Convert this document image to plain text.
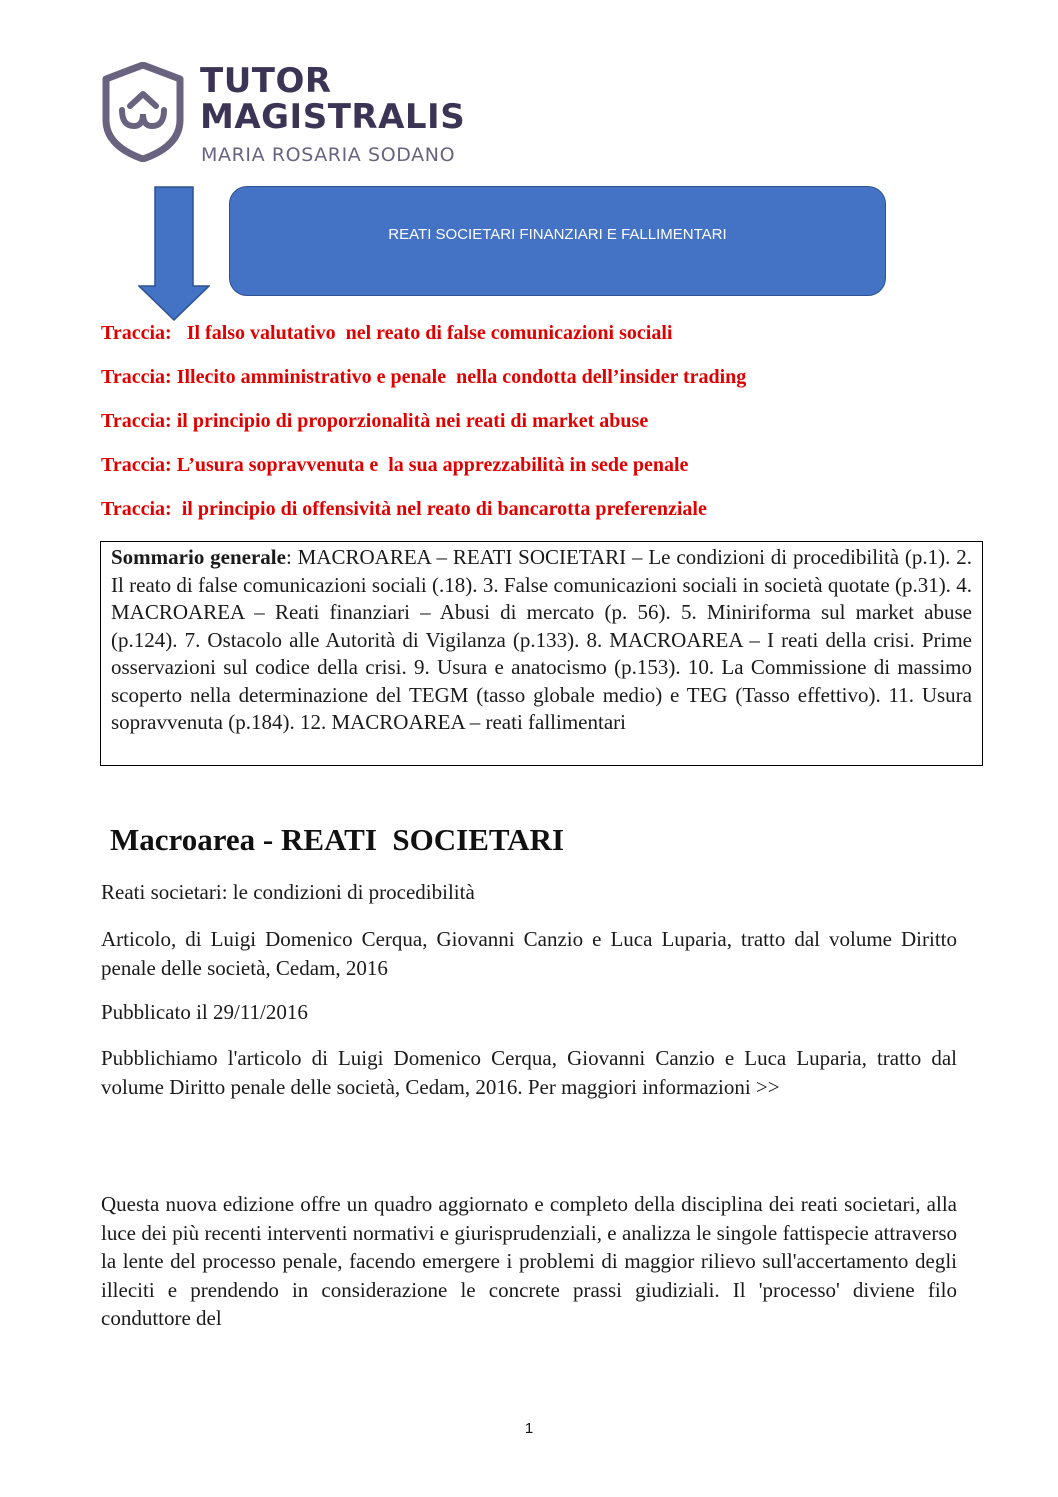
TUTOR
MAGISTRALIS
MARIA ROSARIA SODANO
REATI SOCIETARI FINANZIARI E FALLIMENTARI

Traccia:   Il falso valutativo  nel reato di false comunicazioni sociali

Traccia: Illecito amministrativo e penale  nella condotta dell’insider trading

Traccia: il principio di proporzionalità nei reati di market abuse

Traccia: L’usura sopravvenuta e  la sua apprezzabilità in sede penale

Traccia:  il principio di offensività nel reato di bancarotta preferenziale

Sommario generale: MACROAREA – REATI SOCIETARI – Le condizioni di procedibilità (p.1). 2. Il reato di false comunicazioni sociali (.18). 3. False comunicazioni sociali in società quotate (p.31). 4. MACROAREA – Reati finanziari – Abusi di mercato (p. 56). 5. Miniriforma sul market abuse (p.124). 7. Ostacolo alle Autorità di Vigilanza (p.133). 8. MACROAREA – I reati della crisi. Prime osservazioni sul codice della crisi. 9. Usura e anatocismo (p.153). 10. La Commissione di massimo scoperto nella determinazione del TEGM (tasso globale medio) e TEG (Tasso effettivo). 11. Usura sopravvenuta (p.184). 12. MACROAREA – reati fallimentari
Macroarea - REATI  SOCIETARI

Reati societari: le condizioni di procedibilità

Articolo, di Luigi Domenico Cerqua, Giovanni Canzio e Luca Luparia, tratto dal volume Diritto penale delle società, Cedam, 2016

Pubblicato il 29/11/2016

Pubblichiamo l'articolo di Luigi Domenico Cerqua, Giovanni Canzio e Luca Luparia, tratto dal volume Diritto penale delle società, Cedam, 2016. Per maggiori informazioni >>

Questa nuova edizione offre un quadro aggiornato e completo della disciplina dei reati societari, alla luce dei più recenti interventi normativi e giurisprudenziali, e analizza le singole fattispecie attraverso la lente del processo penale, facendo emergere i problemi di maggior rilievo sull'accertamento degli illeciti e prendendo in considerazione le concrete prassi giudiziali. Il 'processo' diviene filo conduttore del

1
